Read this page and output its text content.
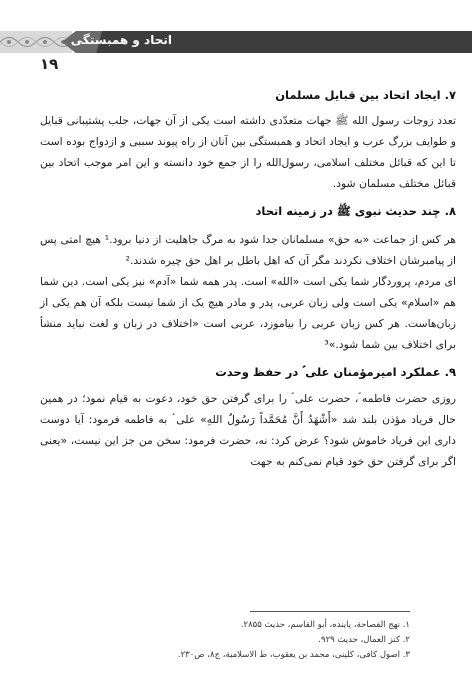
اتحاد و همبستگی
۱۹
۷. ایجاد اتحاد بین قبایل مسلمان

تعدد زوجات رسول الله ﷺ جهات متعدّدی داشته است یکی از آن جهات، جلب پشتیبانی قبایل و طوایف بزرگ عرب و ایجاد اتحاد و همبستگی بین آنان از راه پیوند سببی و ازدواج بوده است تا این که قبائل مختلف اسلامی، رسول‌الله را از جمع خود دانسته و این امر موجب اتحاد بین قبائل مختلف مسلمان شود.

۸. چند حدیث نبوی ﷺ در زمینه اتحاد

هر کس از جماعت «به حق» مسلمانان جدا شود به مرگ جاهلیت از دنیا برود.¹ هیچ امتی پس از پیامبرشان اختلاف نکردند مگر آن که اهل باطل بر اهل حق چیره شدند.²

ای مردم، پروردگار شما یکی است «الله» است. پدر همه شما «آدم» نیز یکی است. دین شما هم «اسلام» یکی است ولی زبان عربی، پدر و مادر هیچ یک از شما نیست بلکه آن هم یکی از زبان‌هاست. هر کس زبان عربی را بیاموزد، عربی است «اختلاف در زبان و لغت نباید منشأ برای اختلاف بین شما شود.»³

۹. عملکرد امیرمؤمنان علی ؑ در حفظ وحدت

روزی حضرت فاطمه ؑ، حضرت علی ؑ را برای گرفتن حق خود، دعوت به قیام نمود؛ در همین حال فریاد مؤذن بلند شد «أَشْهَدُ أَنَّ مُحَمَّداً رَسُولُ اللهِ» علی ؑ به فاطمه فرمود: آیا دوست داری این فریاد خاموش شود؟ عرض کرد: نه، حضرت فرمود: سخن من جز این نیست، «یعنی اگر برای گرفتن حق خود قیام نمی‌کنم به جهت

۱. نهج الفصاحة، پاینده، أبو القاسم، حدیث ۲۸۵۵.
۲. کنز العمال، حدیث ۹۲۹.
۳. اصول کافی، کلینی، محمد بن یعقوب، ط الاسلامیة، ج۸، ص۲۳۰.
